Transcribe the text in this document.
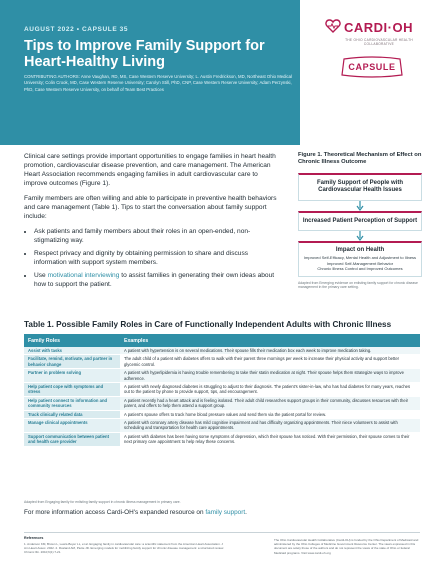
AUGUST 2022 • CAPSULE 35
Tips to Improve Family Support for Heart-Healthy Living
CONTRIBUTING AUTHORS: Anne Vaughan, RD, MS, Case Western Reserve University; L. Austin Fredrickson, MD, Northeast Ohio Medical University; Colin Crook, MD, Case Western Reserve University; Carolyn Still, PhD, CNP, Case Western Reserve University; Adam Perzynski, PhD, Case Western Reserve University, on behalf of Team Best Practices
CARDI·OH
THE OHIO CARDIOVASCULAR HEALTH COLLABORATIVE
CAPSULE

Clinical care settings provide important opportunities to engage families in heart health promotion, cardiovascular disease prevention, and care management. The American Heart Association recommends engaging families in adult cardiovascular care to improve outcomes (Figure 1).

Family members are often willing and able to participate in preventive health behaviors and care management (Table 1). Tips to start the conversation about family support include:

• Ask patients and family members about their roles in an open-ended, non-stigmatizing way.
• Respect privacy and dignity by obtaining permission to share and discuss information with support system members.
• Use motivational interviewing to assist families in generating their own ideas about how to support the patient.
Figure 1. Theoretical Mechanism of Effect on Chronic Illness Outcome
Family Support of People with Cardiovascular Health Issues
Increased Patient Perception of Support
Impact on Health
Improved Self-Efficacy, Mental Health and Adjustment to Illness
Improved Self-Management Behavior
Chronic Illness Control and Improved Outcomes
Adapted from Emerging evidence on enlisting family support for chronic disease management in the primary care setting.
Table 1. Possible Family Roles in Care of Functionally Independent Adults with Chronic Illness
Family Roles	Examples
Assist with tasks	A patient with hypertension is on several medications. Their spouse fills their medication box each week to improve medication taking.
Facilitate, remind, motivate, and partner in behavior change	The adult child of a patient with diabetes offers to walk with their parent three mornings per week to increase their physical activity and support better glycemic control.
Partner in problem solving	A patient with hyperlipidemia is having trouble remembering to take their statin medication at night. Their spouse helps them strategize ways to improve adherence.
Help patient cope with symptoms and stress	A patient with newly diagnosed diabetes is struggling to adjust to their diagnosis. The patient's sister-in-law, who has had diabetes for many years, reaches out to the patient by phone to provide support, tips, and encouragement.
Help patient connect to information and community resources	A patient recently had a heart attack and is feeling isolated. Their adult child researches support groups in their community, discusses resources with their parent, and offers to help them attend a support group.
Track clinically related data	A patient's spouse offers to track home blood pressure values and send them via the patient portal for review.
Manage clinical appointments	A patient with coronary artery disease has mild cognitive impairment and has difficulty organizing appointments. Their niece volunteers to assist with scheduling and transportation for health care appointments.
Support communication between patient and health care provider	A patient with diabetes has been having some symptoms of depression, which their spouse has noticed. With their permission, their spouse comes to their next primary care appointment to help relay these concerns.
Adapted from Engaging family for enlisting family support in chronic illness management in primary care.
For more information access Cardi-OH's expanded resource on family support.
References
1. Anderson KM, Brown L, Lewis-Boyer LL, et al. Engaging family in cardiovascular care: a scientific statement from the American Heart Association. J Am Heart Assoc. 2022. 2. Rosland AM, Piette JD. Emerging models for mobilizing family support for chronic disease management: a structured review. Chronic Illn. 2010;6(1):7-21.
The Ohio Cardiovascular Health Collaborative (Cardi-OH) is funded by the Ohio Department of Medicaid and administered by the Ohio Colleges of Medicine Government Resource Center. The views expressed in this document are solely those of the authors and do not represent the views of the state of Ohio or federal Medicaid programs. Visit www.cardi-oh.org
